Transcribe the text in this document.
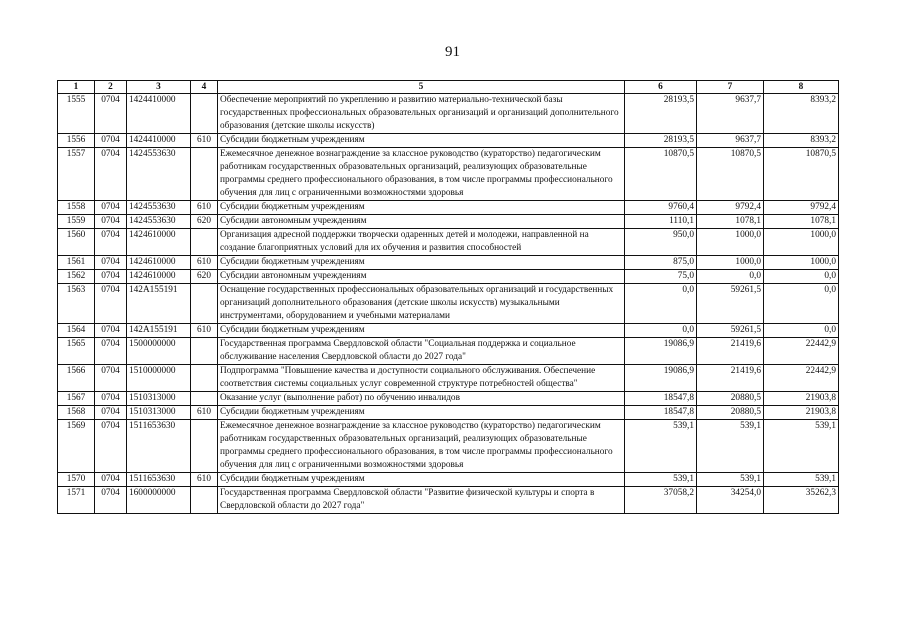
91
1	2	3	4	5	6	7	8
1555	0704	1424410000		Обеспечение мероприятий по укреплению и развитию материально-технической базы государственных профессиональных образовательных организаций и организаций дополнительного образования (детские школы искусств)	28193,5	9637,7	8393,2
1556	0704	1424410000	610	Субсидии бюджетным учреждениям	28193,5	9637,7	8393,2
1557	0704	1424553630		Ежемесячное денежное вознаграждение за классное руководство (кураторство) педагогическим работникам государственных образовательных организаций, реализующих образовательные программы среднего профессионального образования, в том числе программы профессионального обучения для лиц с ограниченными возможностями здоровья	10870,5	10870,5	10870,5
1558	0704	1424553630	610	Субсидии бюджетным учреждениям	9760,4	9792,4	9792,4
1559	0704	1424553630	620	Субсидии автономным учреждениям	1110,1	1078,1	1078,1
1560	0704	1424610000		Организация адресной поддержки творчески одаренных детей и молодежи, направленной на создание благоприятных условий для их обучения и развития способностей	950,0	1000,0	1000,0
1561	0704	1424610000	610	Субсидии бюджетным учреждениям	875,0	1000,0	1000,0
1562	0704	1424610000	620	Субсидии автономным учреждениям	75,0	0,0	0,0
1563	0704	142А155191		Оснащение государственных профессиональных образовательных организаций и государственных организаций дополнительного образования (детские школы искусств) музыкальными инструментами, оборудованием и учебными материалами	0,0	59261,5	0,0
1564	0704	142А155191	610	Субсидии бюджетным учреждениям	0,0	59261,5	0,0
1565	0704	1500000000		Государственная программа Свердловской области "Социальная поддержка и социальное обслуживание населения Свердловской области до 2027 года"	19086,9	21419,6	22442,9
1566	0704	1510000000		Подпрограмма "Повышение качества и доступности социального обслуживания. Обеспечение соответствия системы социальных услуг современной структуре потребностей общества"	19086,9	21419,6	22442,9
1567	0704	1510313000		Оказание услуг (выполнение работ) по обучению инвалидов	18547,8	20880,5	21903,8
1568	0704	1510313000	610	Субсидии бюджетным учреждениям	18547,8	20880,5	21903,8
1569	0704	1511653630		Ежемесячное денежное вознаграждение за классное руководство (кураторство) педагогическим работникам государственных образовательных организаций, реализующих образовательные программы среднего профессионального образования, в том числе программы профессионального обучения для лиц с ограниченными возможностями здоровья	539,1	539,1	539,1
1570	0704	1511653630	610	Субсидии бюджетным учреждениям	539,1	539,1	539,1
1571	0704	1600000000		Государственная программа Свердловской области "Развитие физической культуры и спорта в Свердловской области до 2027 года"	37058,2	34254,0	35262,3
